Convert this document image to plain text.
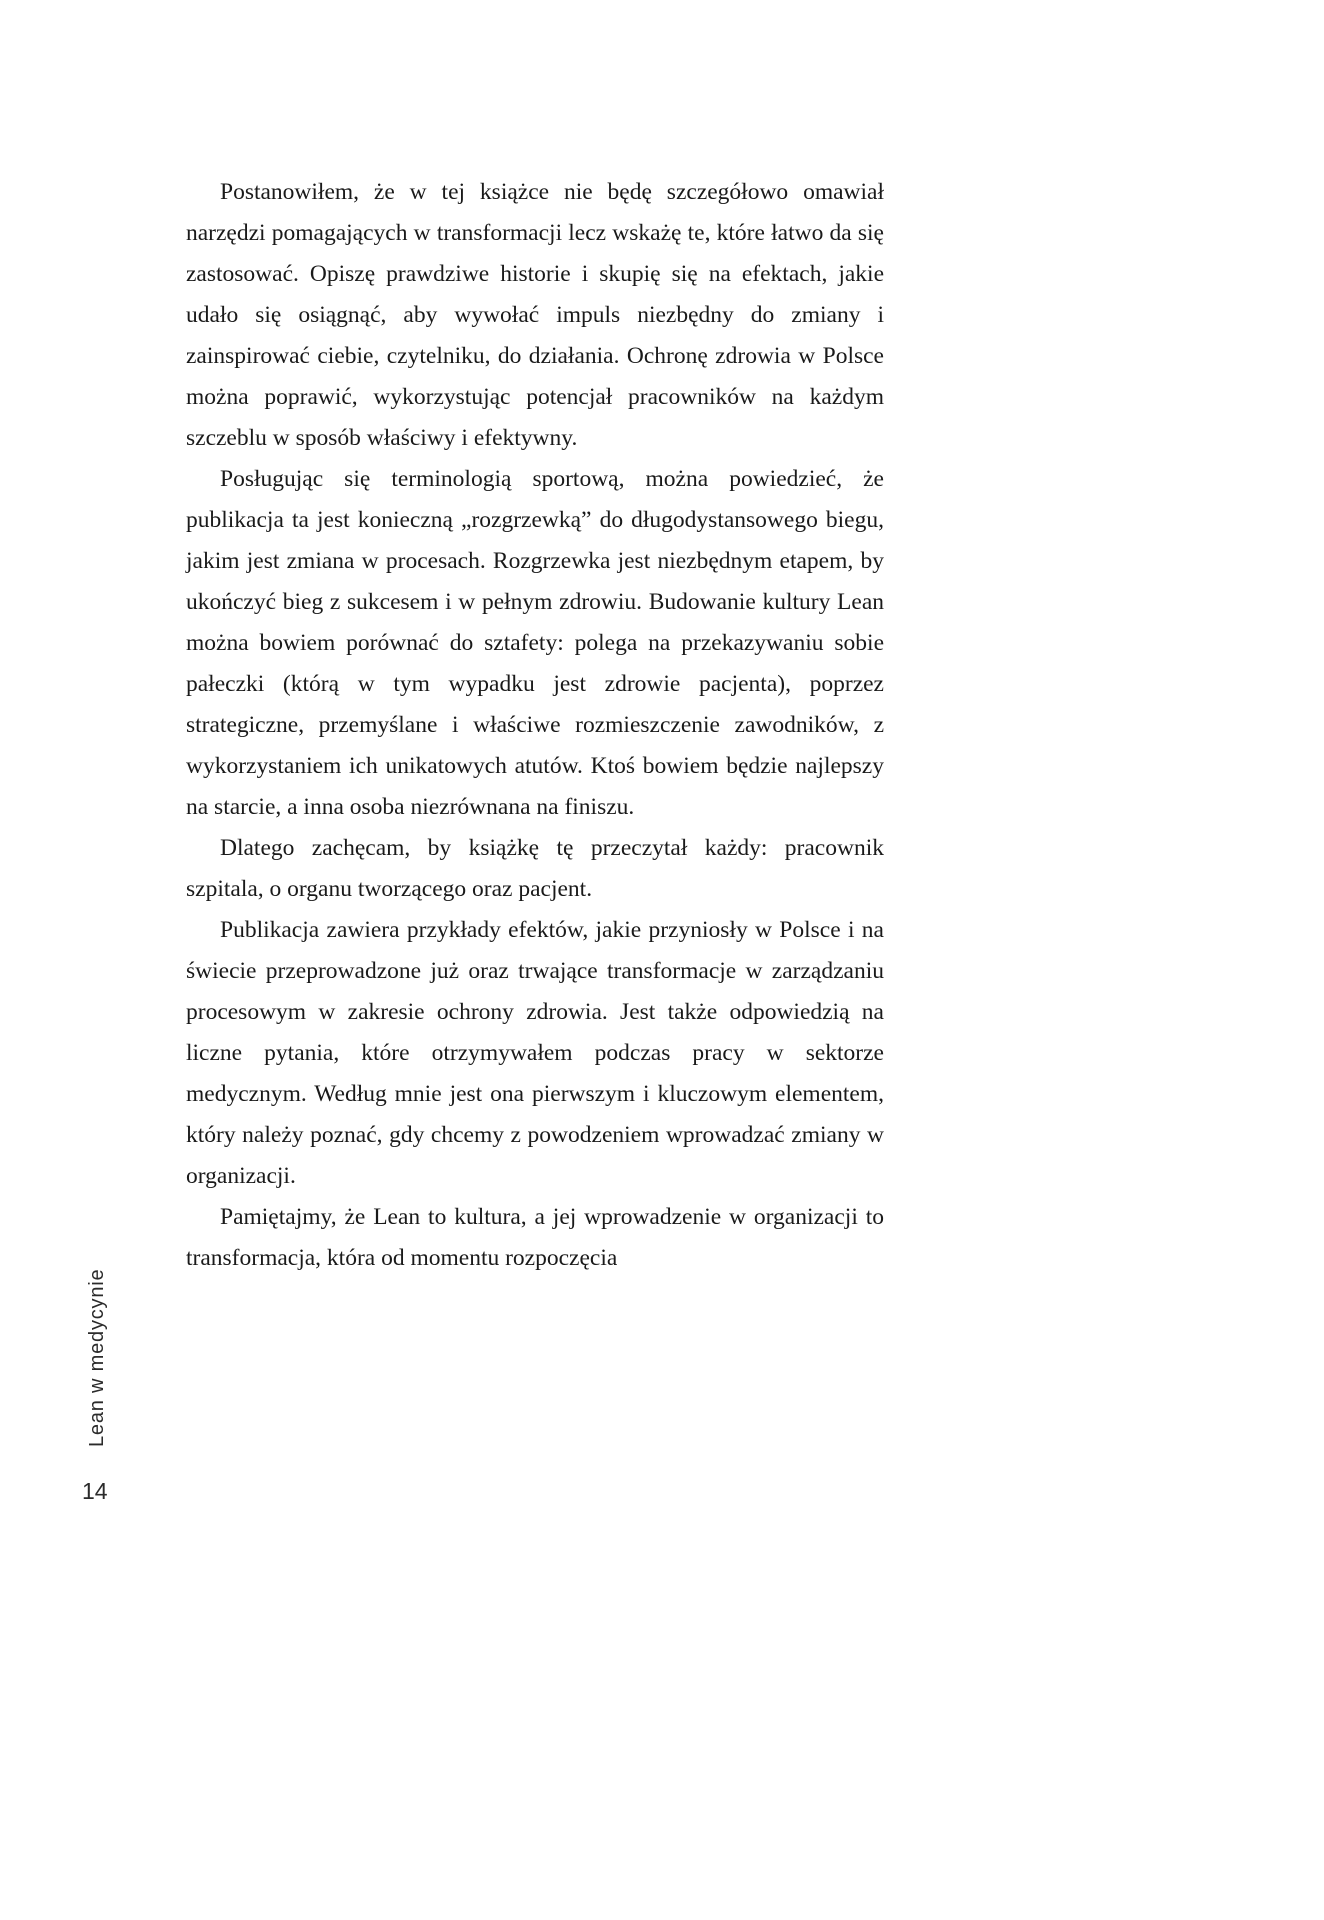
Postanowiłem, że w tej książce nie będę szczegółowo omawiał narzędzi pomagających w transformacji lecz wskażę te, które łatwo da się zastosować. Opiszę prawdziwe historie i skupię się na efektach, jakie udało się osiągnąć, aby wywołać impuls niezbędny do zmiany i zainspirować ciebie, czytelniku, do działania. Ochronę zdrowia w Polsce można poprawić, wykorzystując potencjał pracowników na każdym szczeblu w sposób właściwy i efektywny.

Posługując się terminologią sportową, można powiedzieć, że publikacja ta jest konieczną „rozgrzewką” do długodystansowego biegu, jakim jest zmiana w procesach. Rozgrzewka jest niezbędnym etapem, by ukończyć bieg z sukcesem i w pełnym zdrowiu. Budowanie kultury Lean można bowiem porównać do sztafety: polega na przekazywaniu sobie pałeczki (którą w tym wypadku jest zdrowie pacjenta), poprzez strategiczne, przemyślane i właściwe rozmieszczenie zawodników, z wykorzystaniem ich unikatowych atutów. Ktoś bowiem będzie najlepszy na starcie, a inna osoba niezrównana na finiszu.

Dlatego zachęcam, by książkę tę przeczytał każdy: pracownik szpitala, o organu tworzącego oraz pacjent.

Publikacja zawiera przykłady efektów, jakie przyniosły w Polsce i na świecie przeprowadzone już oraz trwające transformacje w zarządzaniu procesowym w zakresie ochrony zdrowia. Jest także odpowiedzią na liczne pytania, które otrzymywałem podczas pracy w sektorze medycznym. Według mnie jest ona pierwszym i kluczowym elementem, który należy poznać, gdy chcemy z powodzeniem wprowadzać zmiany w organizacji.

Pamiętajmy, że Lean to kultura, a jej wprowadzenie w organizacji to transformacja, która od momentu rozpoczęcia

Lean w medycynie
14
